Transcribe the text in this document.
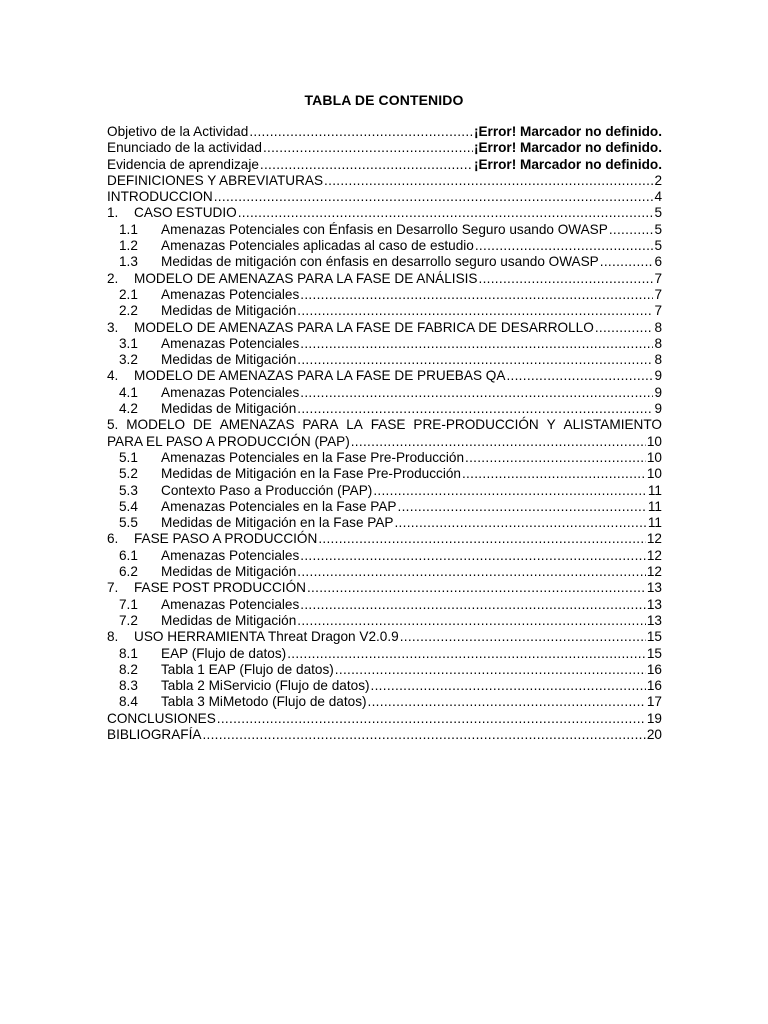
TABLA DE CONTENIDO
Objetivo de la Actividad .....	¡Error! Marcador no definido.
Enunciado de la actividad .....	¡Error! Marcador no definido.
Evidencia de aprendizaje .....	¡Error! Marcador no definido.
DEFINICIONES Y ABREVIATURAS .....	2
INTRODUCCION .....	4
1.	CASO ESTUDIO .....	5
1.1	Amenazas Potenciales con Énfasis en Desarrollo Seguro usando OWASP .....	5
1.2	Amenazas Potenciales aplicadas al caso de estudio .....	5
1.3	Medidas de mitigación con énfasis en desarrollo seguro usando OWASP .....	6
2.	MODELO DE AMENAZAS PARA LA FASE DE ANÁLISIS .....	7
2.1	Amenazas Potenciales .....	7
2.2	Medidas de Mitigación .....	7
3.	MODELO DE AMENAZAS PARA LA FASE DE FABRICA DE DESARROLLO .....	8
3.1	Amenazas Potenciales .....	8
3.2	Medidas de Mitigación .....	8
4.	MODELO DE AMENAZAS PARA LA FASE DE PRUEBAS QA .....	9
4.1	Amenazas Potenciales .....	9
4.2	Medidas de Mitigación .....	9
5. MODELO DE AMENAZAS PARA LA FASE PRE-PRODUCCIÓN Y ALISTAMIENTO
PARA EL PASO A PRODUCCIÓN (PAP) .....	10
5.1	Amenazas Potenciales en la Fase Pre-Producción .....	10
5.2	Medidas de Mitigación en la Fase Pre-Producción .....	10
5.3	Contexto Paso a Producción (PAP) .....	11
5.4	Amenazas Potenciales en la Fase PAP .....	11
5.5	Medidas de Mitigación en la Fase PAP .....	11
6.	FASE PASO A PRODUCCIÓN .....	12
6.1	Amenazas Potenciales .....	12
6.2	Medidas de Mitigación .....	12
7.	FASE POST PRODUCCIÓN .....	13
7.1	Amenazas Potenciales .....	13
7.2	Medidas de Mitigación .....	13
8.	USO HERRAMIENTA Threat Dragon V2.0.9 .....	15
8.1	EAP (Flujo de datos) .....	15
8.2	Tabla 1 EAP (Flujo de datos) .....	16
8.3	Tabla 2 MiServicio (Flujo de datos) .....	16
8.4	Tabla 3 MiMetodo (Flujo de datos) .....	17
CONCLUSIONES .....	19
BIBLIOGRAFÍA .....	20
